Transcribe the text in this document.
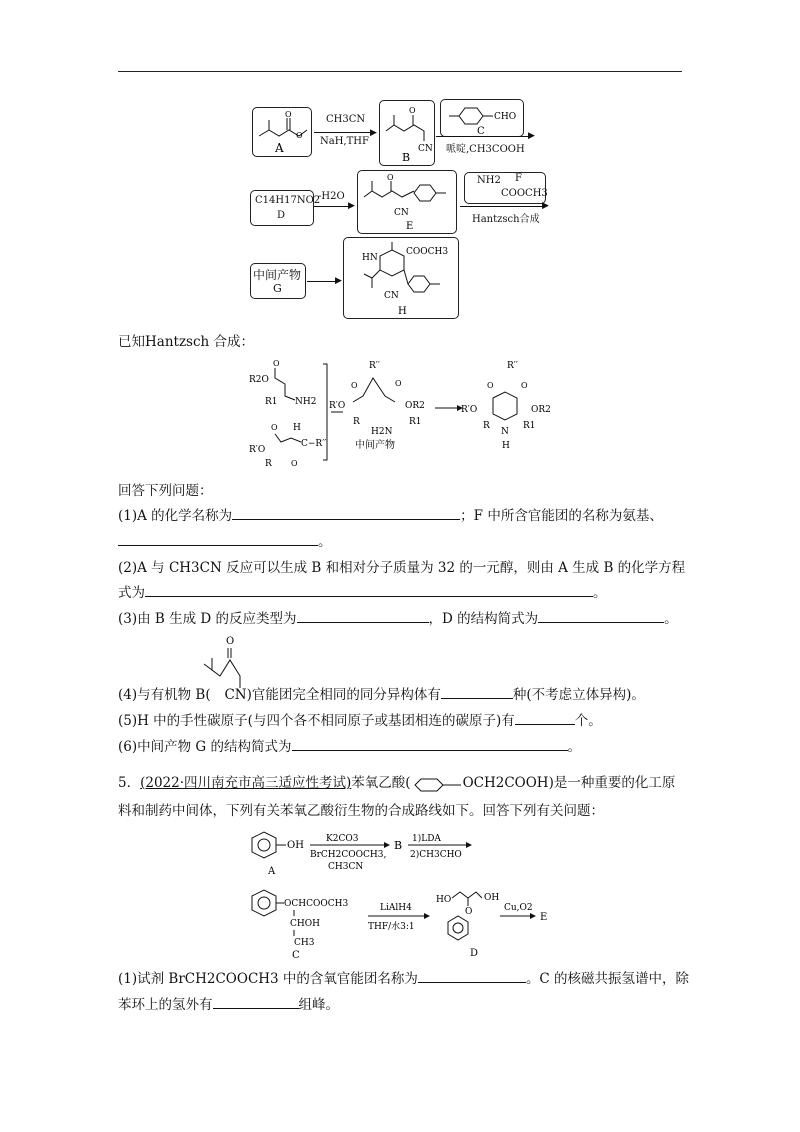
O
O
A
CH3CN
▶
NaH,THF
O
CN
B
CHO
C	▶
哌啶,CH3COOH
C14H17NO2
D
-H2O
▶
O
CN
E
NH2 F
COOCH3
▶
Hantzsch合成
中间产物
G
▶
HN
COOCH3
CN
H
已知Hantzsch 合成：
R2O
O
R1 NH2
R′O
O H
C−R′′
R O
R′′
R′O
O	O
OR2
R	R1
H2N
中间产物
R′′
R′O
O	O
OR2
R	R1
N
H
回答下列问题：
(1)A 的化学名称为	；F 中所含官能团的名称为氨基、
。
(2)A 与 CH3CN 反应可以生成 B 和相对分子质量为 32 的一元醇，则由 A 生成 B 的化学方程
式为	。
(3)由 B 生成 D 的反应类型为	，D 的结构简式为	。
O
(4)与有机物 B( CN)官能团完全相同的同分异构体有	种(不考虑立体异构)。
(5)H 中的手性碳原子(与四个各不相同原子或基团相连的碳原子)有	个。
(6)中间产物 G 的结构简式为	。
5．(2022·四川南充市高三适应性考试)苯氧乙酸(	OCH2COOH)是一种重要的化工原
料和制药中间体，下列有关苯氧乙酸衍生物的合成路线如下。回答下列有关问题：
OH
A
K2CO3
BrCH2COOCH3,
CH3CN
B 1)LDA
2)CH3CHO
OCHCOOCH3
CHOH
CH3
C
LiAlH4
THF/水3:1
HO	OH
O
D
Cu,O2
E
(1)试剂 BrCH2COOCH3 中的含氧官能团名称为	。C 的核磁共振氢谱中，除
苯环上的氢外有	组峰。
